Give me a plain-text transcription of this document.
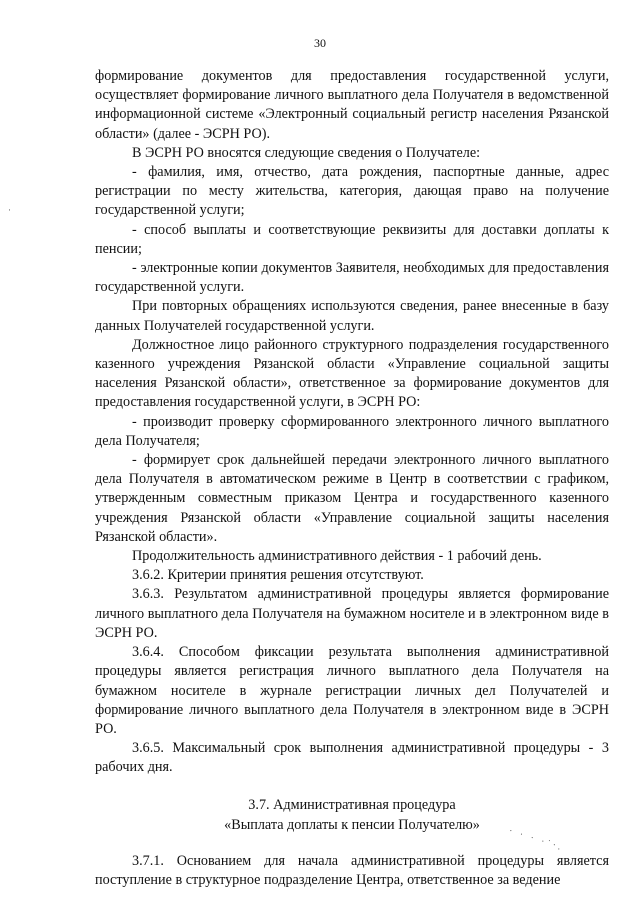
30
·

формирование документов для предоставления государственной услуги, осуществляет формирование личного выплатного дела Получателя в ведомственной информационной системе «Электронный социальный регистр населения Рязанской области» (далее - ЭСРН РО).

В ЭСРН РО вносятся следующие сведения о Получателе:

- фамилия, имя, отчество, дата рождения, паспортные данные, адрес регистрации по месту жительства, категория, дающая право на получение государственной услуги;

- способ выплаты и соответствующие реквизиты для доставки доплаты к пенсии;

- электронные копии документов Заявителя, необходимых для предоставления государственной услуги.

При повторных обращениях используются сведения, ранее внесенные в базу данных Получателей государственной услуги.

Должностное лицо районного структурного подразделения государственного казенного учреждения Рязанской области «Управление социальной защиты населения Рязанской области», ответственное за формирование документов для предоставления государственной услуги, в ЭСРН РО:

- производит проверку сформированного электронного личного выплатного дела Получателя;

- формирует срок дальнейшей передачи электронного личного выплатного дела Получателя в автоматическом режиме в Центр в соответствии с графиком, утвержденным совместным приказом Центра и государственного казенного учреждения Рязанской области «Управление социальной защиты населения Рязанской области».

Продолжительность административного действия - 1 рабочий день.

3.6.2. Критерии принятия решения отсутствуют.

3.6.3. Результатом административной процедуры является формирование личного выплатного дела Получателя на бумажном носителе и в электронном виде в ЭСРН РО.

3.6.4. Способом фиксации результата выполнения административной процедуры является регистрация личного выплатного дела Получателя на бумажном носителе в журнале регистрации личных дел Получателей и формирование личного выплатного дела Получателя в электронном виде в ЭСРН РО.

3.6.5. Максимальный срок выполнения административной процедуры - 3 рабочих дня.

3.7. Административная процедура
«Выплата доплаты к пенсии Получателю»

3.7.1. Основанием для начала административной процедуры является поступление в структурное подразделение Центра, ответственное за ведение

· · · ·˙·.
